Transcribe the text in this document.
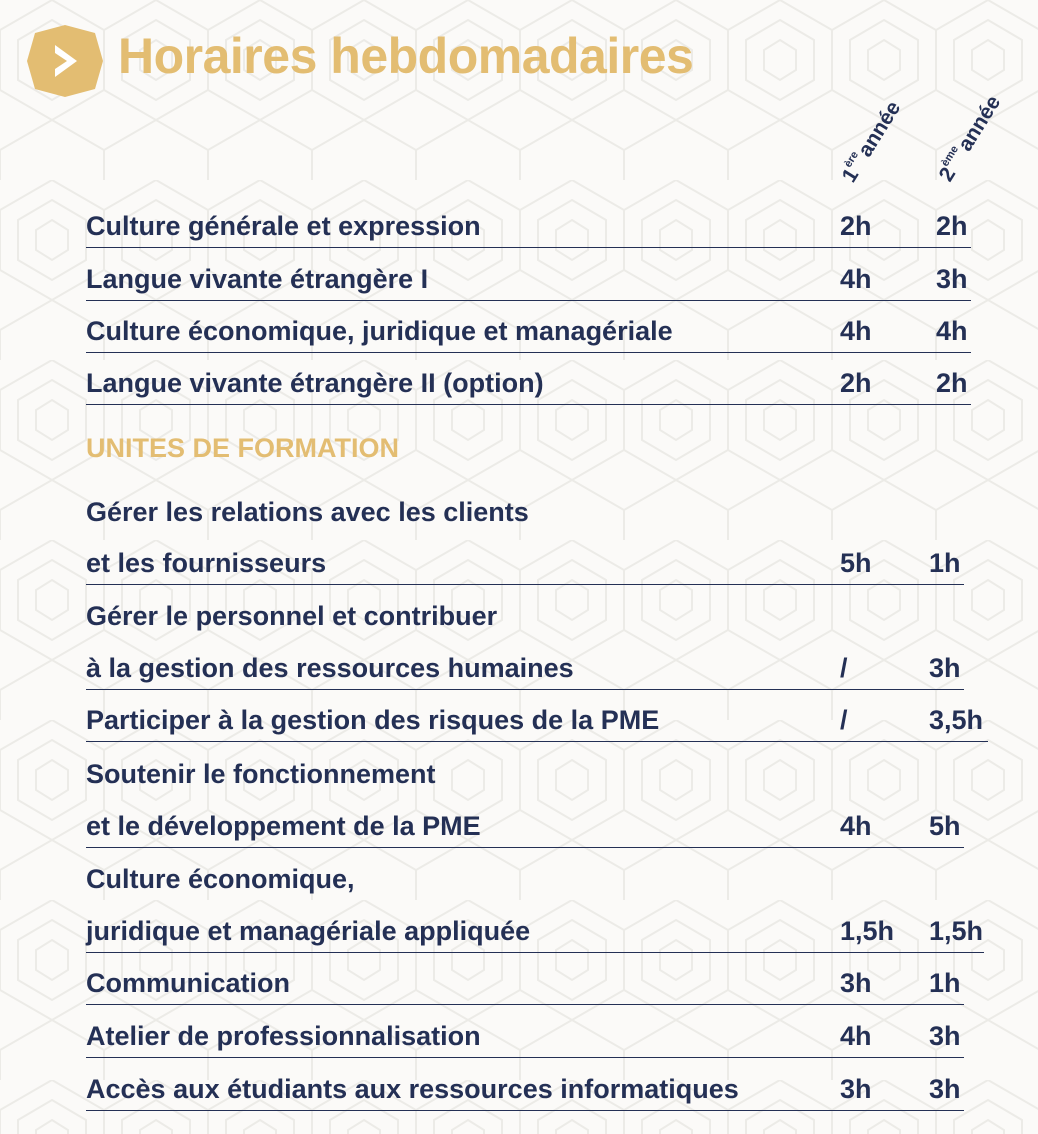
Horaires hebdomadaires
1èreannée
2èmeannée
Culture générale et expression	2h 2h
Langue vivante étrangère I	4h 3h
Culture économique, juridique et managériale	4h 4h
Langue vivante étrangère II (option)	2h 2h
UNITES DE FORMATION
Gérer les relations avec les clients
et les fournisseurs	5h 1h
Gérer le personnel et contribuer
à la gestion des ressources humaines	/	3h
Participer à la gestion des risques de la PME	/	3,5h
Soutenir le fonctionnement
et le développement de la PME	4h 5h
Culture économique,
juridique et managériale appliquée	1,5h 1,5h
Communication	3h 1h
Atelier de professionnalisation	4h 3h
Accès aux étudiants aux ressources informatiques	3h 3h
